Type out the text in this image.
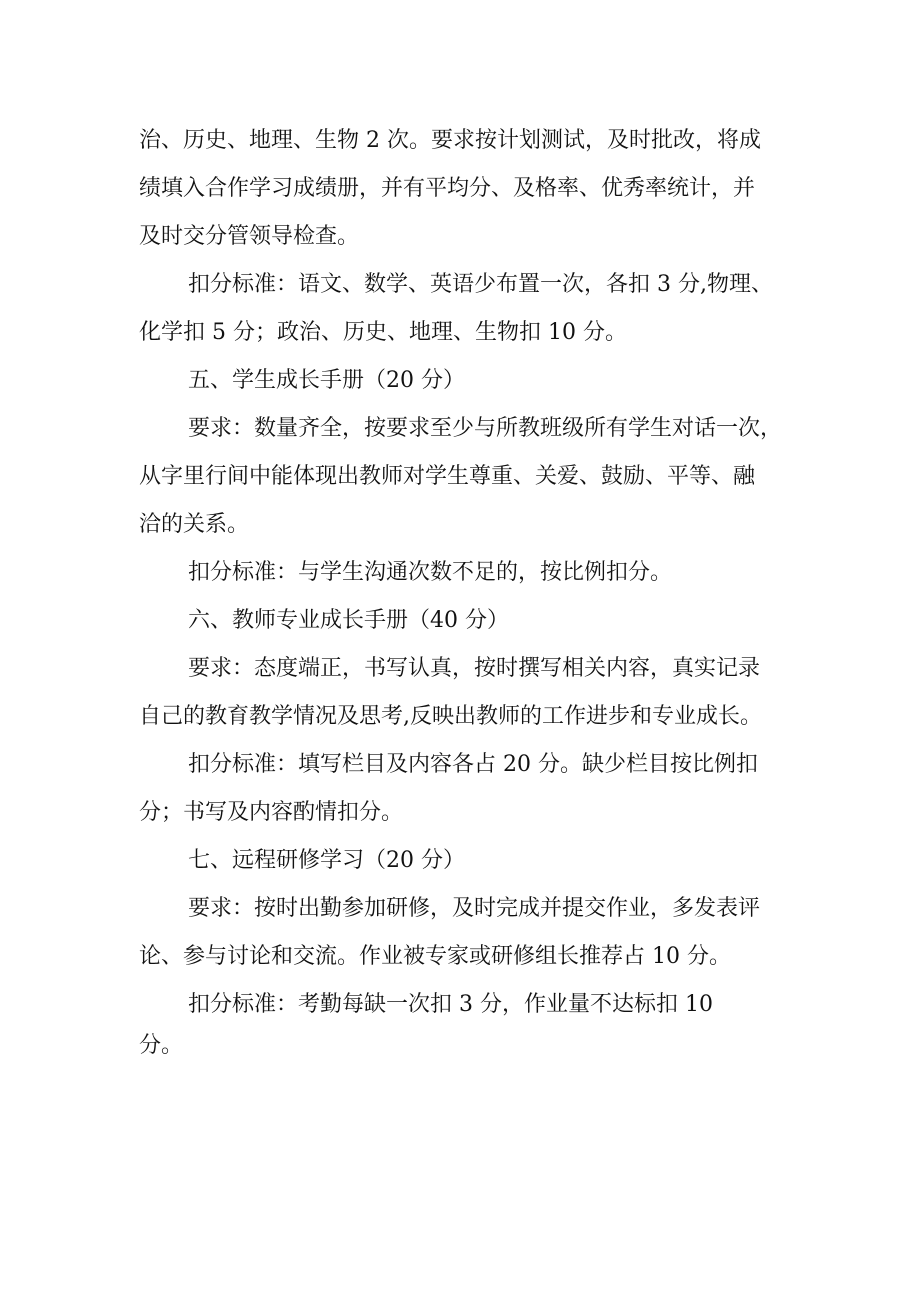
治、历史、地理、生物 2 次。要求按计划测试，及时批改，将成
绩填入合作学习成绩册，并有平均分、及格率、优秀率统计，并
及时交分管领导检查。
扣分标准：语文、数学、英语少布置一次，各扣 3 分,物理、
化学扣 5 分；政治、历史、地理、生物扣 10 分。
五、学生成长手册（20 分）
要求：数量齐全，按要求至少与所教班级所有学生对话一次，
从字里行间中能体现出教师对学生尊重、关爱、鼓励、平等、融
洽的关系。
扣分标准：与学生沟通次数不足的，按比例扣分。
六、教师专业成长手册（40 分）
要求：态度端正，书写认真，按时撰写相关内容，真实记录
自己的教育教学情况及思考,反映出教师的工作进步和专业成长。
扣分标准：填写栏目及内容各占 20 分。缺少栏目按比例扣
分；书写及内容酌情扣分。
七、远程研修学习（20 分）
要求：按时出勤参加研修，及时完成并提交作业，多发表评
论、参与讨论和交流。作业被专家或研修组长推荐占 10 分。
扣分标准：考勤每缺一次扣 3 分，作业量不达标扣 10
分。
